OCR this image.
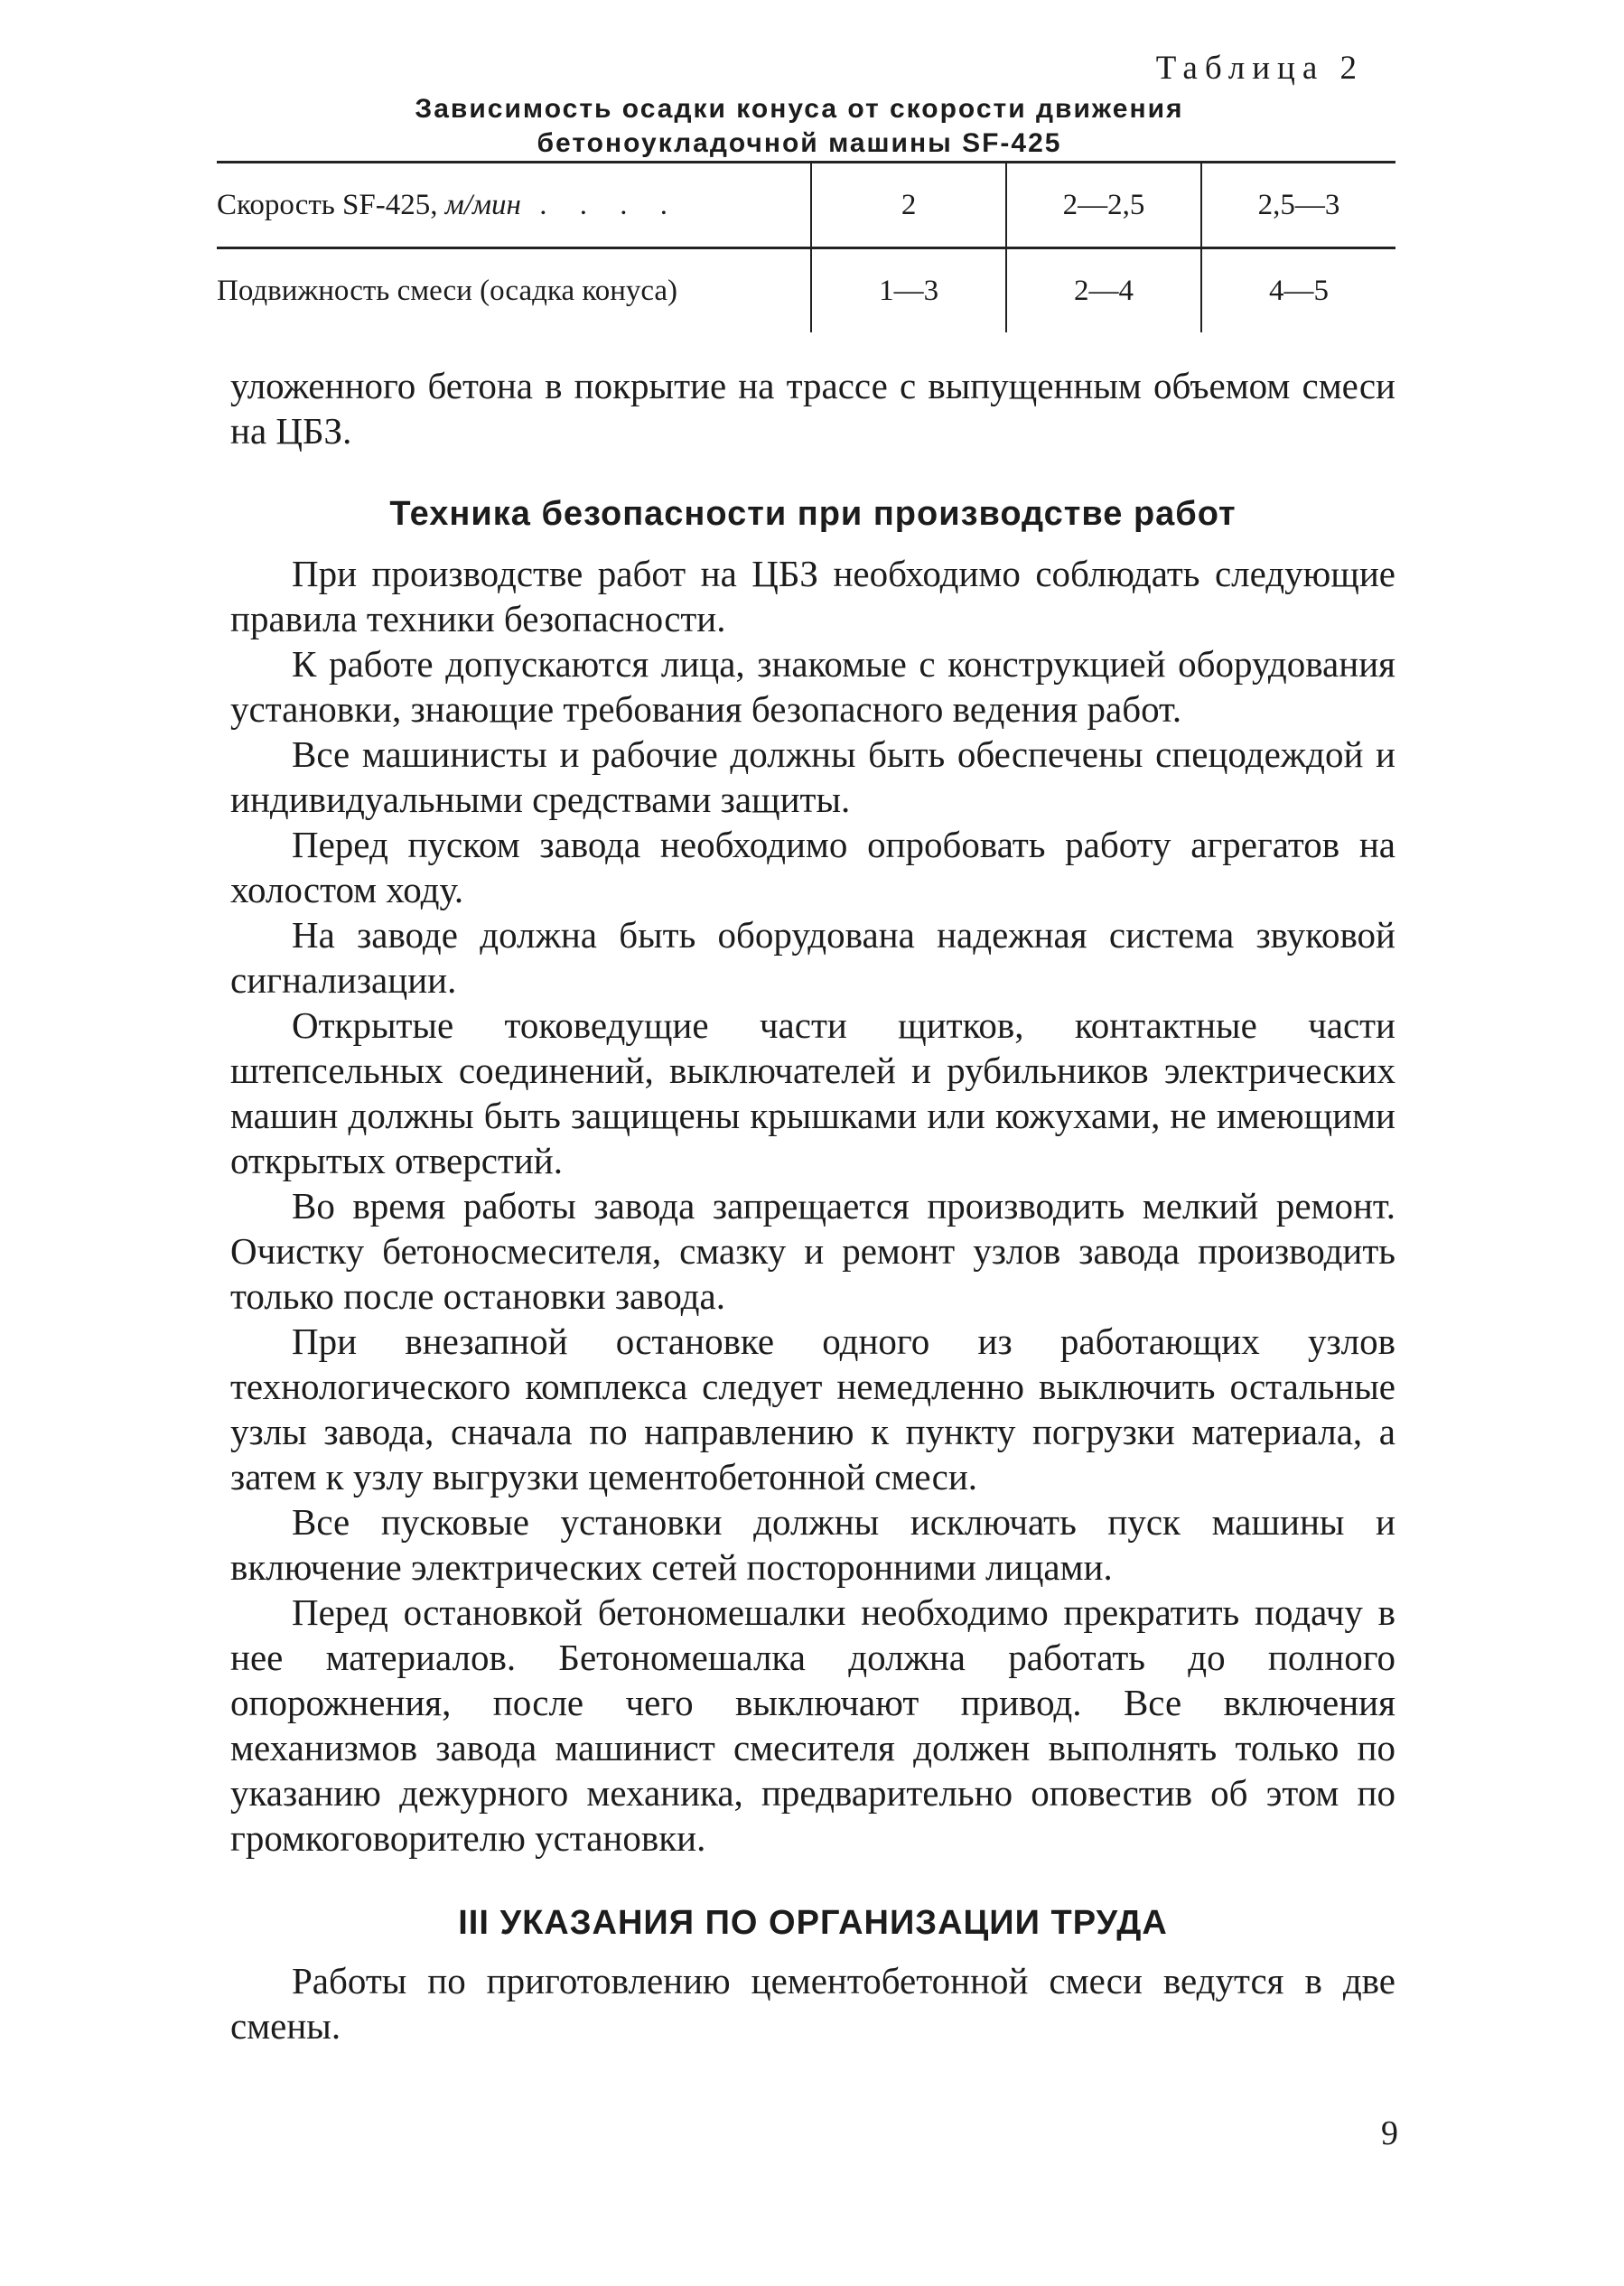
Таблица 2
Зависимость осадки конуса от скорости движения
бетоноукладочной машины SF-425
Скорость SF-425, м/мин . . . .	2	2—2,5	2,5—3
Подвижность смеси (осадка конуса)	1—3	2—4	4—5

уложенного бетона в покрытие на трассе с выпущенным объемом смеси на ЦБЗ.

Техника безопасности при производстве работ

При производстве работ на ЦБЗ необходимо соблюдать следующие правила техники безопасности.

К работе допускаются лица, знакомые с конструкцией оборудования установки, знающие требования безопасного ведения работ.

Все машинисты и рабочие должны быть обеспечены спецодеждой и индивидуальными средствами защиты.

Перед пуском завода необходимо опробовать работу агрегатов на холостом ходу.

На заводе должна быть оборудована надежная система звуковой сигнализации.

Открытые токоведущие части щитков, контактные части штепсельных соединений, выключателей и рубильников электрических машин должны быть защищены крышками или кожухами, не имеющими открытых отверстий.

Во время работы завода запрещается производить мелкий ремонт. Очистку бетоносмесителя, смазку и ремонт узлов завода производить только после остановки завода.

При внезапной остановке одного из работающих узлов технологического комплекса следует немедленно выключить остальные узлы завода, сначала по направлению к пункту погрузки материала, а затем к узлу выгрузки цементобетонной смеси.

Все пусковые установки должны исключать пуск машины и включение электрических сетей посторонними лицами.

Перед остановкой бетономешалки необходимо прекратить подачу в нее материалов. Бетономешалка должна работать до полного опорожнения, после чего выключают привод. Все включения механизмов завода машинист смесителя должен выполнять только по указанию дежурного механика, предварительно оповестив об этом по громкоговорителю установки.

III УКАЗАНИЯ ПО ОРГАНИЗАЦИИ ТРУДА

Работы по приготовлению цементобетонной смеси ведутся в две смены.

9
